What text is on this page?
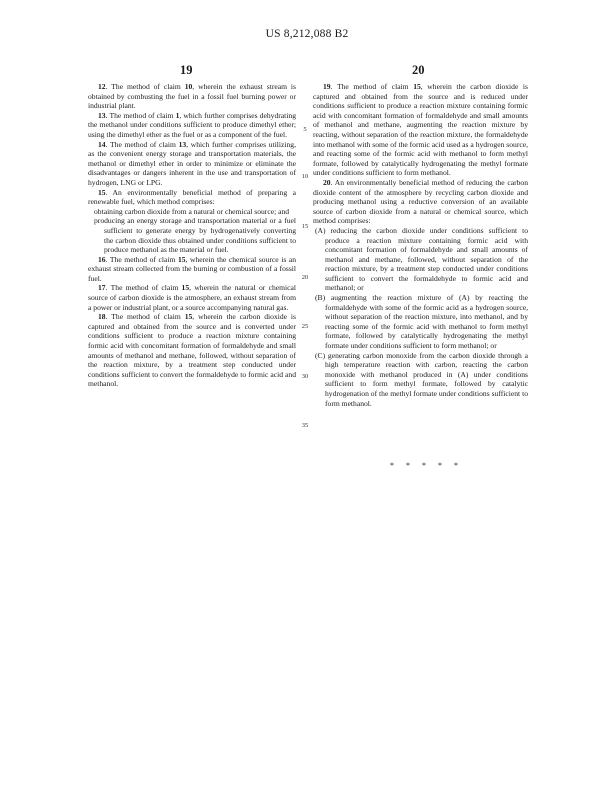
US 8,212,088 B2
19	20
5
10
15
20
25
30
35

12. The method of claim 10, wherein the exhaust stream is obtained by combusting the fuel in a fossil fuel burning power or industrial plant.

13. The method of claim 1, which further comprises dehydrating the methanol under conditions sufficient to produce dimethyl ether; using the dimethyl ether as the fuel or as a component of the fuel.

14. The method of claim 13, which further comprises utilizing, as the convenient energy storage and transportation materials, the methanol or dimethyl ether in order to minimize or eliminate the disadvantages or dangers inherent in the use and transportation of hydrogen, LNG or LPG.

15. An environmentally beneficial method of preparing a renewable fuel, which method comprises:

obtaining carbon dioxide from a natural or chemical source; and

producing an energy storage and transportation material or a fuel sufficient to generate energy by hydrogenatively converting the carbon dioxide thus obtained under conditions sufficient to produce methanol as the material or fuel.

16. The method of claim 15, wherein the chemical source is an exhaust stream collected from the burning or combustion of a fossil fuel.

17. The method of claim 15, wherein the natural or chemical source of carbon dioxide is the atmosphere, an exhaust stream from a power or industrial plant, or a source accompanying natural gas.

18. The method of claim 15, wherein the carbon dioxide is captured and obtained from the source and is converted under conditions sufficient to produce a reaction mixture containing formic acid with concomitant formation of formaldehyde and small amounts of methanol and methane, followed, without separation of the reaction mixture, by a treatment step conducted under conditions sufficient to convert the formaldehyde to formic acid and methanol.

19. The method of claim 15, wherein the carbon dioxide is captured and obtained from the source and is reduced under conditions sufficient to produce a reaction mixture containing formic acid with concomitant formation of formaldehyde and small amounts of methanol and methane, augmenting the reaction mixture by reacting, without separation of the reaction mixture, the formaldehyde into methanol with some of the formic acid used as a hydrogen source, and reacting some of the formic acid with methanol to form methyl formate, followed by catalytically hydrogenating the methyl formate under conditions sufficient to form methanol.

20. An environmentally beneficial method of reducing the carbon dioxide content of the atmosphere by recycling carbon dioxide and producing methanol using a reductive conversion of an available source of carbon dioxide from a natural or chemical source, which method comprises:

(A) reducing the carbon dioxide under conditions sufficient to produce a reaction mixture containing formic acid with concomitant formation of formaldehyde and small amounts of methanol and methane, followed, without separation of the reaction mixture, by a treatment step conducted under conditions sufficient to convert the formaldehyde to formic acid and methanol; or

(B) augmenting the reaction mixture of (A) by reacting the formaldehyde with some of the formic acid as a hydrogen source, without separation of the reaction mixture, into methanol, and by reacting some of the formic acid with methanol to form methyl formate, followed by catalytically hydrogenating the methyl formate under conditions sufficient to form methanol; or

(C) generating carbon monoxide from the carbon dioxide through a high temperature reaction with carbon, reacting the carbon monoxide with methanol produced in (A) under conditions sufficient to form methyl formate, followed by catalytic hydrogenation of the methyl formate under conditions sufficient to form methanol.

* * * * *
